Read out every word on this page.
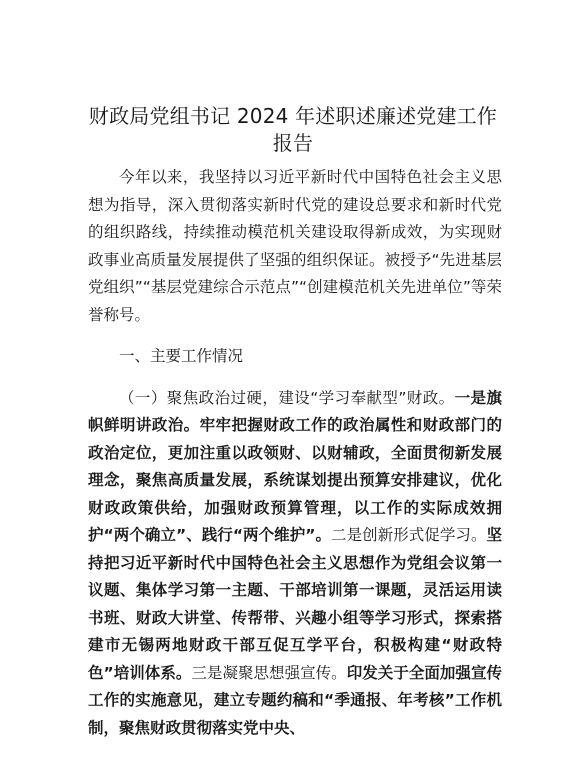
财政局党组书记 2024 年述职述廉述党建工作报告

今年以来，我坚持以习近平新时代中国特色社会主义思想为指导，深入贯彻落实新时代党的建设总要求和新时代党的组织路线，持续推动模范机关建设取得新成效，为实现财政事业高质量发展提供了坚强的组织保证。被授予“先进基层党组织”“基层党建综合示范点”“创建模范机关先进单位”等荣誉称号。

一、主要工作情况

（一）聚焦政治过硬，建设“学习奉献型”财政。一是旗帜鲜明讲政治。牢牢把握财政工作的政治属性和财政部门的政治定位，更加注重以政领财、以财辅政，全面贯彻新发展理念，聚焦高质量发展，系统谋划提出预算安排建议，优化财政政策供给，加强财政预算管理，以工作的实际成效拥护“两个确立”、践行“两个维护”。二是创新形式促学习。坚持把习近平新时代中国特色社会主义思想作为党组会议第一议题、集体学习第一主题、干部培训第一课题，灵活运用读书班、财政大讲堂、传帮带、兴趣小组等学习形式，探索搭建市无锡两地财政干部互促互学平台，积极构建“财政特色”培训体系。三是凝聚思想强宣传。印发关于全面加强宣传工作的实施意见，建立专题约稿和“季通报、年考核”工作机制，聚焦财政贯彻落实党中央、
